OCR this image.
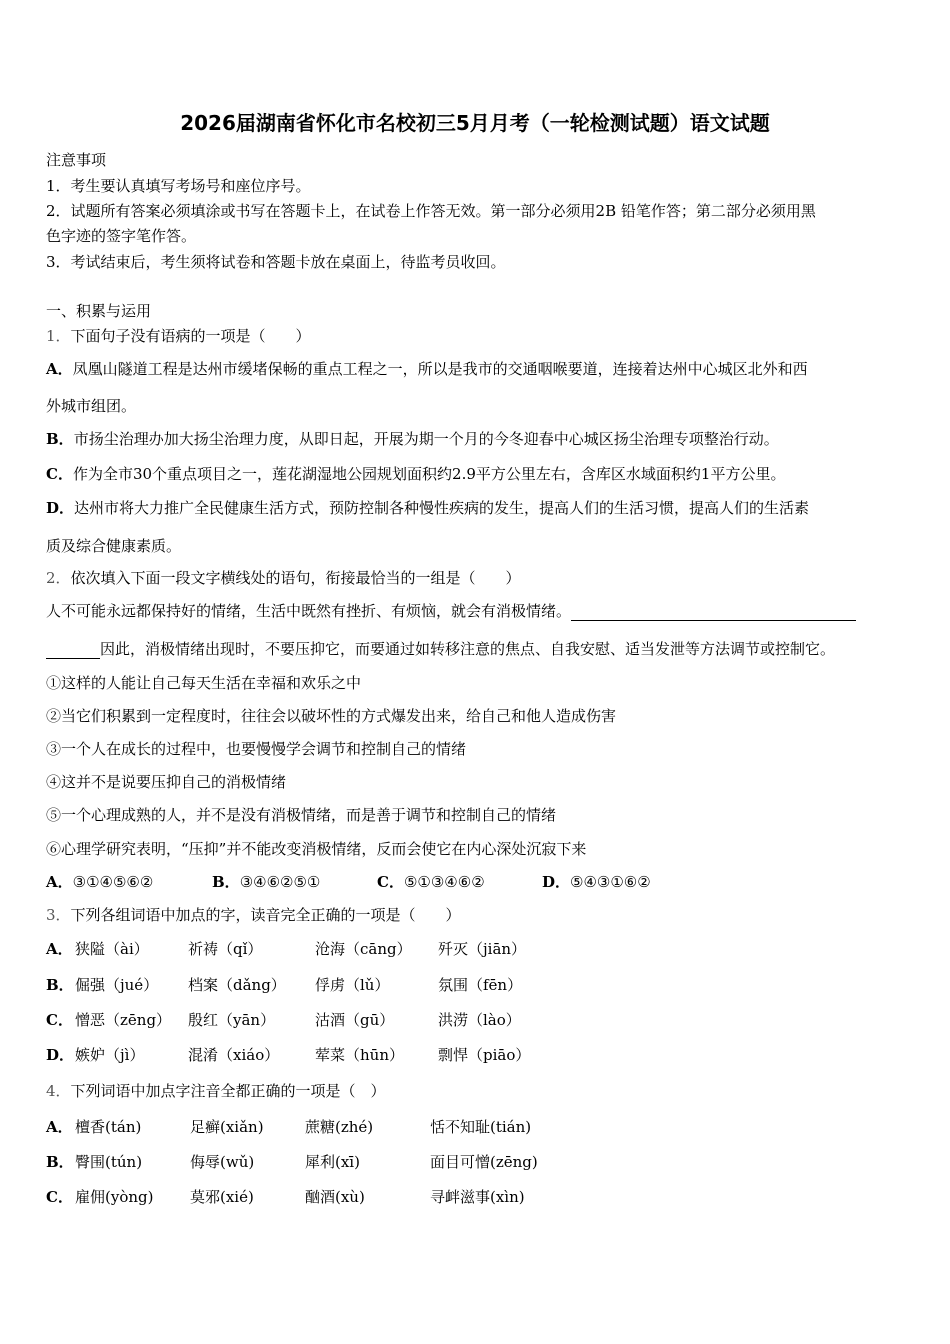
2026届湖南省怀化市名校初三5月月考（一轮检测试题）语文试题
注意事项
1．考生要认真填写考场号和座位序号。
2．试题所有答案必须填涂或书写在答题卡上，在试卷上作答无效。第一部分必须用2B 铅笔作答；第二部分必须用黑
色字迹的签字笔作答。
3．考试结束后，考生须将试卷和答题卡放在桌面上，待监考员收回。
一、积累与运用
1．下面句子没有语病的一项是（　　）
A．凤凰山隧道工程是达州市缓堵保畅的重点工程之一，所以是我市的交通咽喉要道，连接着达州中心城区北外和西
外城市组团。
B．市扬尘治理办加大扬尘治理力度，从即日起，开展为期一个月的今冬迎春中心城区扬尘治理专项整治行动。
C．作为全市30个重点项目之一，莲花湖湿地公园规划面积约2.9平方公里左右，含库区水域面积约1平方公里。
D．达州市将大力推广全民健康生活方式，预防控制各种慢性疾病的发生，提高人们的生活习惯，提高人们的生活素
质及综合健康素质。
2．依次填入下面一段文字横线处的语句，衔接最恰当的一组是（　　）
人不可能永远都保持好的情绪，生活中既然有挫折、有烦恼，就会有消极情绪。
因此，消极情绪出现时，不要压抑它，而要通过如转移注意的焦点、自我安慰、适当发泄等方法调节或控制它。
①这样的人能让自己每天生活在幸福和欢乐之中
②当它们积累到一定程度时，往往会以破坏性的方式爆发出来，给自己和他人造成伤害
③一个人在成长的过程中，也要慢慢学会调节和控制自己的情绪
④这并不是说要压抑自己的消极情绪
⑤一个心理成熟的人，并不是没有消极情绪，而是善于调节和控制自己的情绪
⑥心理学研究表明，“压抑”并不能改变消极情绪，反而会使它在内心深处沉寂下来
A．③①④⑤⑥②	B．③④⑥②⑤①	C．⑤①③④⑥②	D．⑤④③①⑥②
3．下列各组词语中加点的字，读音完全正确的一项是（　　）
A． 狭隘（ài）	祈祷（qǐ）	沧海（cāng） 歼灭（jiān）
B． 倔强（jué） 档案（dǎng） 俘虏（lǔ）	氛围（fēn）
C． 憎恶（zēng） 殷红（yān）	沽酒（gū）	洪涝（lào）
D． 嫉妒（jì）	混淆（xiáo） 荤菜（hūn） 剽悍（piāo）
4．下列词语中加点字注音全都正确的一项是（　）
A． 檀香(tán)	足癣(xiǎn)	蔗糖(zhé)	恬不知耻(tián)
B． 臀围(tún)	侮辱(wǔ)	犀利(xī)	面目可憎(zēng)
C． 雇佣(yòng) 莫邪(xié)	酗酒(xù)	寻衅滋事(xìn)
